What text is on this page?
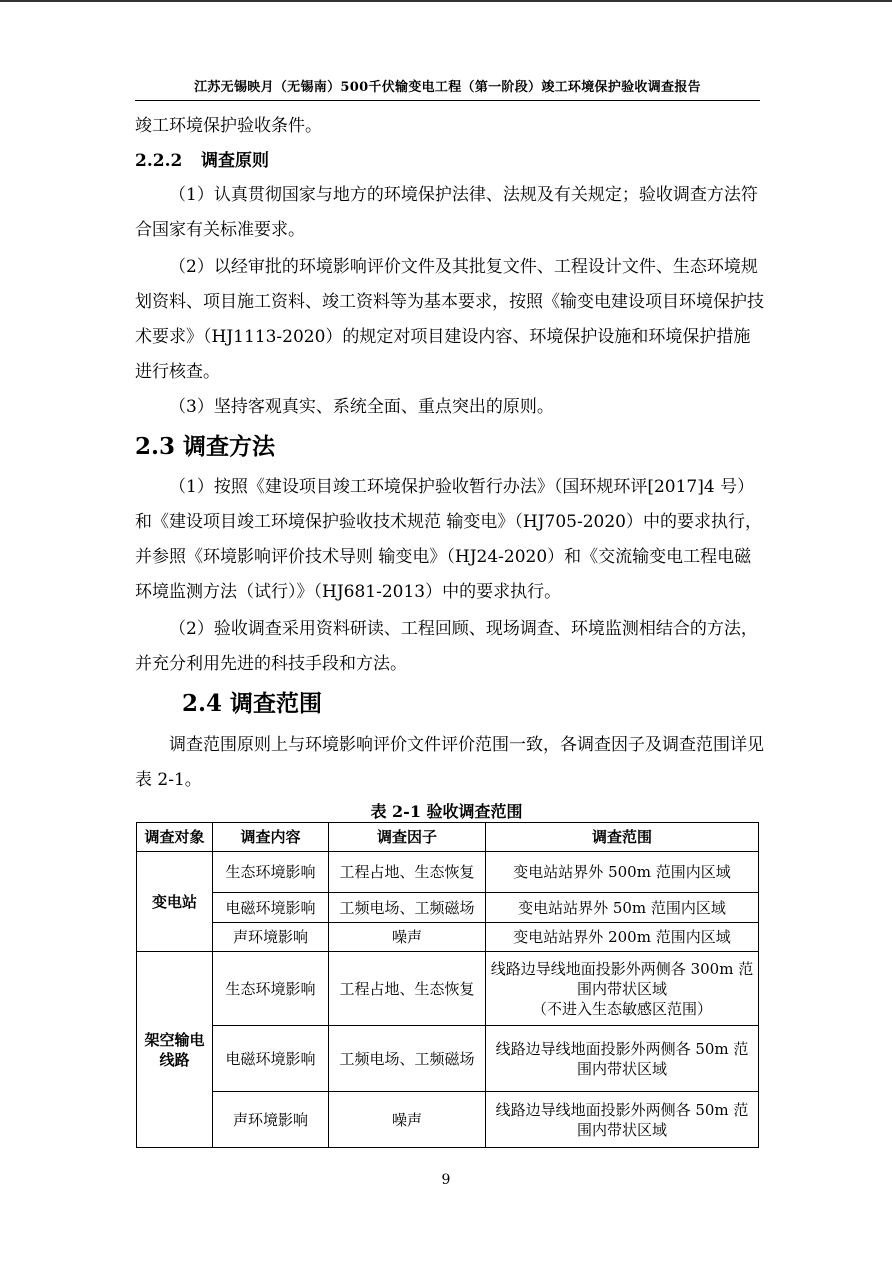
江苏无锡映月（无锡南）500千伏输变电工程（第一阶段）竣工环境保护验收调查报告

竣工环境保护验收条件。

2.2.2 调查原则

（1）认真贯彻国家与地方的环境保护法律、法规及有关规定；验收调查方法符合国家有关标准要求。

（2）以经审批的环境影响评价文件及其批复文件、工程设计文件、生态环境规划资料、项目施工资料、竣工资料等为基本要求，按照《输变电建设项目环境保护技术要求》（HJ1113-2020）的规定对项目建设内容、环境保护设施和环境保护措施进行核查。

（3）坚持客观真实、系统全面、重点突出的原则。

2.3 调查方法

（1）按照《建设项目竣工环境保护验收暂行办法》（国环规环评[2017]4 号）和《建设项目竣工环境保护验收技术规范 输变电》（HJ705-2020）中的要求执行，并参照《环境影响评价技术导则 输变电》（HJ24-2020）和《交流输变电工程电磁环境监测方法（试行）》（HJ681-2013）中的要求执行。

（2）验收调查采用资料研读、工程回顾、现场调查、环境监测相结合的方法，并充分利用先进的科技手段和方法。

2.4 调查范围

调查范围原则上与环境影响评价文件评价范围一致，各调查因子及调查范围详见表 2-1。

表 2-1 验收调查范围
调查对象	调查内容	调查因子	调查范围
变电站	生态环境影响	工程占地、生态恢复	变电站站界外 500m 范围内区域
	电磁环境影响	工频电场、工频磁场	变电站站界外 50m 范围内区域
	声环境影响	噪声	变电站站界外 200m 范围内区域
架空输电线路	生态环境影响	工程占地、生态恢复	线路边导线地面投影外两侧各 300m 范围内带状区域
（不进入生态敏感区范围）

	电磁环境影响	工频电场、工频磁场	线路边导线地面投影外两侧各 50m 范围内带状区域
	声环境影响	噪声	线路边导线地面投影外两侧各 50m 范围内带状区域
9
